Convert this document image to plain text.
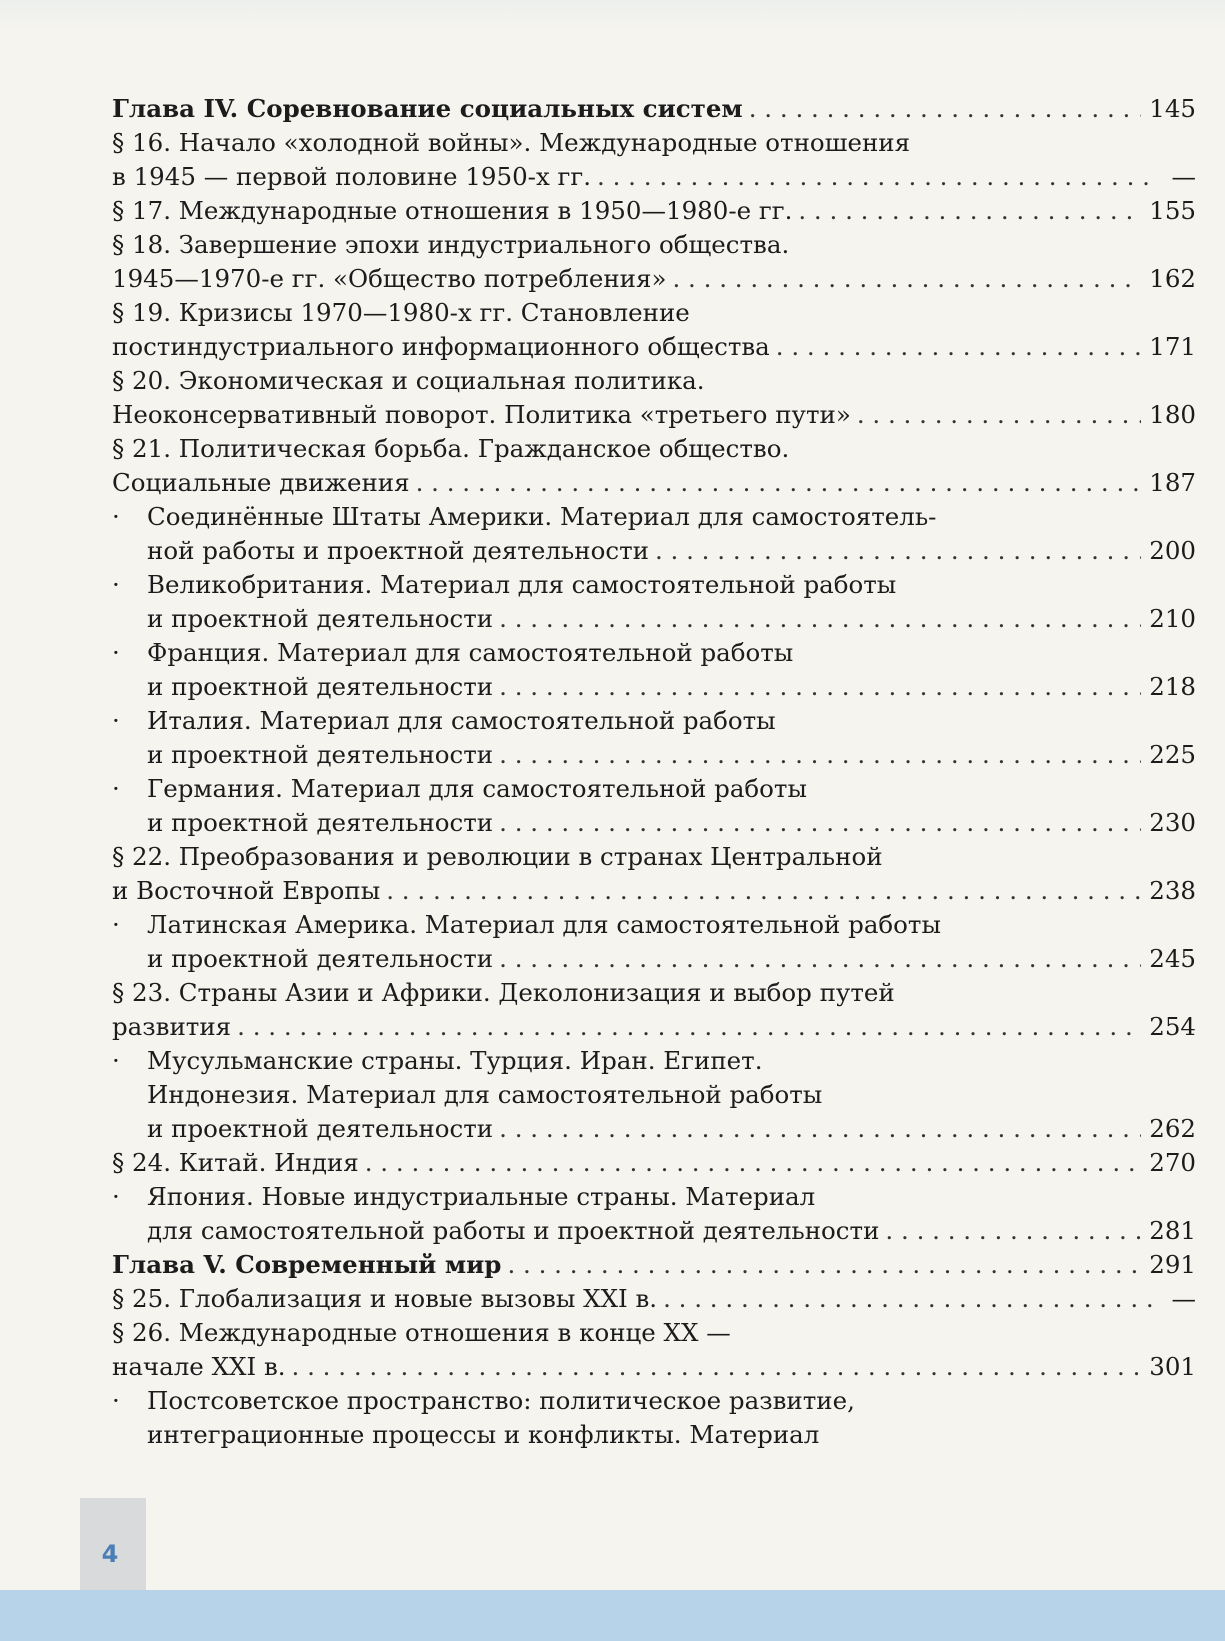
Глава IV. Соревнование социальных систем . . .	145
§ 16. Начало «холодной войны». Международные отношения
в 1945 — первой половине 1950-х гг. . . .	—
§ 17. Международные отношения в 1950—1980-е гг. . . .	155
§ 18. Завершение эпохи индустриального общества.
1945—1970-е гг. «Общество потребления» . . .	162
§ 19. Кризисы 1970—1980-х гг. Становление
постиндустриального информационного общества . . .	171
§ 20. Экономическая и социальная политика.
Неоконсервативный поворот. Политика «третьего пути» . . .	180
§ 21. Политическая борьба. Гражданское общество.
Социальные движения . . .	187
· Соединённые Штаты Америки. Материал для самостоятель-
ной работы и проектной деятельности . . .	200
· Великобритания. Материал для самостоятельной работы
и проектной деятельности . . .	210
· Франция. Материал для самостоятельной работы
и проектной деятельности . . .	218
· Италия. Материал для самостоятельной работы
и проектной деятельности . . .	225
· Германия. Материал для самостоятельной работы
и проектной деятельности . . .	230
§ 22. Преобразования и революции в странах Центральной
и Восточной Европы . . .	238
· Латинская Америка. Материал для самостоятельной работы
и проектной деятельности . . .	245
§ 23. Страны Азии и Африки. Деколонизация и выбор путей
развития . . .	254
· Мусульманские страны. Турция. Иран. Египет.
Индонезия. Материал для самостоятельной работы
и проектной деятельности . . .	262
§ 24. Китай. Индия . . .	270
· Япония. Новые индустриальные страны. Материал
для самостоятельной работы и проектной деятельности . . .	281
Глава V. Современный мир . . .	291
§ 25. Глобализация и новые вызовы XXI в. . . .	—
§ 26. Международные отношения в конце XX —
начале XXI в. . . .	301
· Постсоветское пространство: политическое развитие,
интеграционные процессы и конфликты. Материал
4
